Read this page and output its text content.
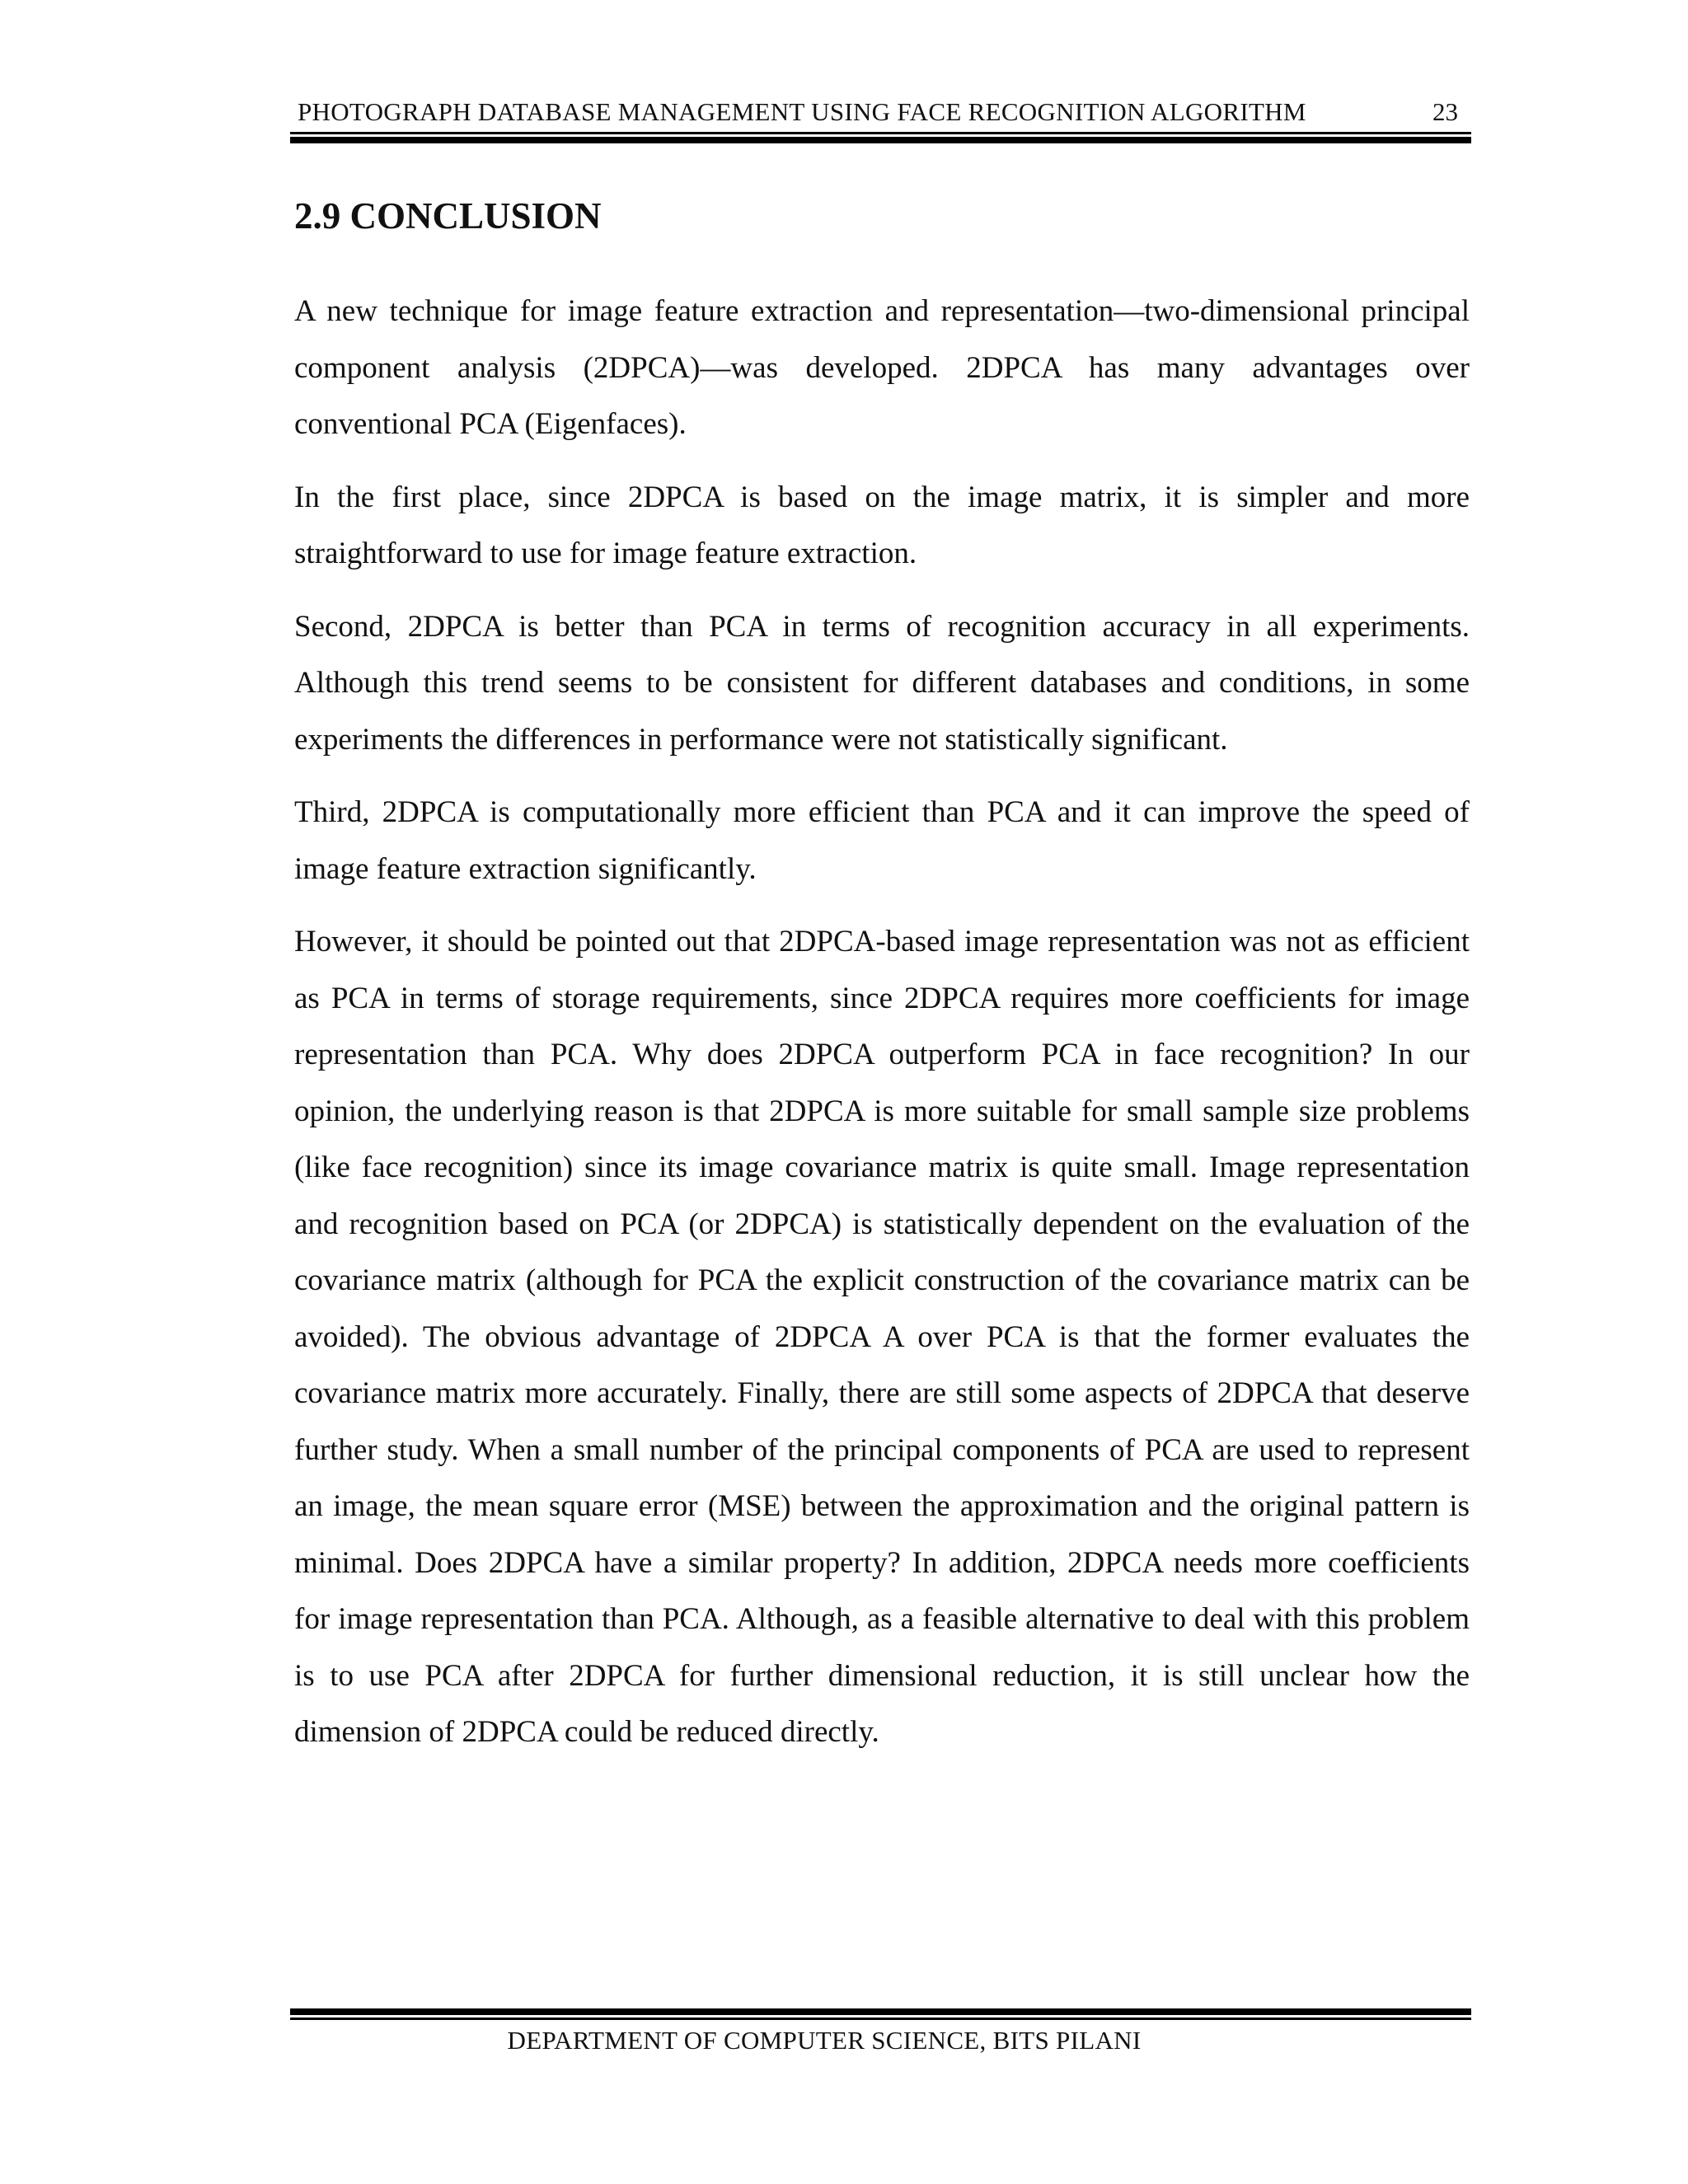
PHOTOGRAPH DATABASE MANAGEMENT USING FACE RECOGNITION ALGORITHM	23
2.9 CONCLUSION

A new technique for image feature extraction and representation—two-dimensional principal component analysis (2DPCA)—was developed. 2DPCA has many advantages over conventional PCA (Eigenfaces).

In the first place, since 2DPCA is based on the image matrix, it is simpler and more straightforward to use for image feature extraction.

Second, 2DPCA is better than PCA in terms of recognition accuracy in all experiments. Although this trend seems to be consistent for different databases and conditions, in some experiments the differences in performance were not statistically significant.

Third, 2DPCA is computationally more efficient than PCA and it can improve the speed of image feature extraction significantly.

However, it should be pointed out that 2DPCA-based image representation was not as efficient as PCA in terms of storage requirements, since 2DPCA requires more coefficients for image representation than PCA. Why does 2DPCA outperform PCA in face recognition? In our opinion, the underlying reason is that 2DPCA is more suitable for small sample size problems (like face recognition) since its image covariance matrix is quite small. Image representation and recognition based on PCA (or 2DPCA) is statistically dependent on the evaluation of the covariance matrix (although for PCA the explicit construction of the covariance matrix can be avoided). The obvious advantage of 2DPCA A over PCA is that the former evaluates the covariance matrix more accurately. Finally, there are still some aspects of 2DPCA that deserve further study. When a small number of the principal components of PCA are used to represent an image, the mean square error (MSE) between the approximation and the original pattern is minimal. Does 2DPCA have a similar property? In addition, 2DPCA needs more coefficients for image representation than PCA. Although, as a feasible alternative to deal with this problem is to use PCA after 2DPCA for further dimensional reduction, it is still unclear how the dimension of 2DPCA could be reduced directly.

DEPARTMENT OF COMPUTER SCIENCE, BITS PILANI
